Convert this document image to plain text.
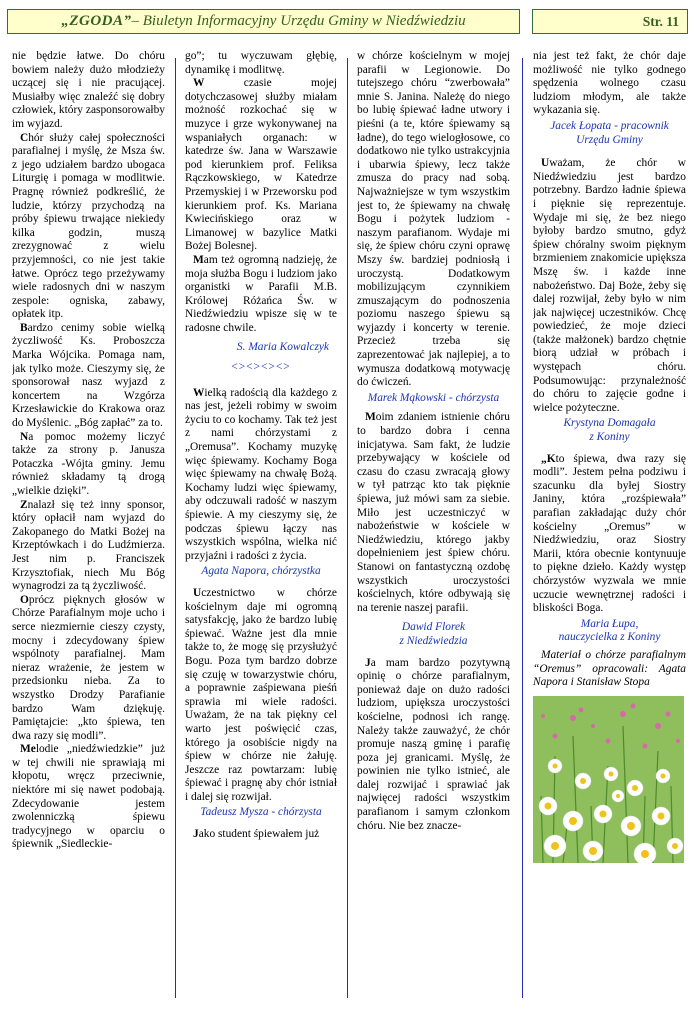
„ZGODA” – Biuletyn Informacyjny Urzędu Gminy w Niedźwiedziu	Str. 11

nie będzie łatwe. Do chóru bowiem należy dużo młodzieży uczącej się i nie pracującej. Musiałby więc znaleźć się dobry człowiek, który zasponsorowałby im wyjazd.

Chór służy całej społeczności parafialnej i myślę, że Msza św. z jego udziałem bardzo ubogaca Liturgię i pomaga w modlitwie. Pragnę również podkreślić, że ludzie, którzy przychodzą na próby śpiewu trwające niekiedy kilka godzin, muszą zrezygnować z wielu przyjemności, co nie jest takie łatwe. Oprócz tego przeżywamy wiele radosnych dni w naszym zespole: ogniska, zabawy, opłatek itp.

Bardzo cenimy sobie wielką życzliwość Ks. Proboszcza Marka Wójcika. Pomaga nam, jak tylko może. Cieszymy się, że sponsorował nasz wyjazd z koncertem na Wzgórza Krzesławickie do Krakowa oraz do Myślenic. „Bóg zapłać” za to.

Na pomoc możemy liczyć także za strony p. Janusza Potaczka -Wójta gminy. Jemu również składamy tą drogą „wielkie dzięki”.

Znalazł się też inny sponsor, który opłacił nam wyjazd do Zakopanego do Matki Bożej na Krzeptówkach i do Ludźmierza. Jest nim p. Franciszek Krzysztofiak, niech Mu Bóg wynagrodzi za tą życzliwość.

Oprócz pięknych głosów w Chórze Parafialnym moje ucho i serce niezmiernie cieszy czysty, mocny i zdecydowany śpiew wspólnoty parafialnej. Mam nieraz wrażenie, że jestem w przedsionku nieba. Za to wszystko Drodzy Parafianie bardzo Wam dziękuję. Pamiętajcie: „kto śpiewa, ten dwa razy się modli”.

Melodie „niedźwiedzkie” już w tej chwili nie sprawiają mi kłopotu, wręcz przeciwnie, niektóre mi się nawet podobają. Zdecydowanie jestem zwolenniczką śpiewu tradycyjnego w oparciu o śpiewnik „Siedleckie-

go”; tu wyczuwam głębię, dynamikę i modlitwę.

W czasie mojej dotychczasowej służby miałam możność rozkochać się w muzyce i grze wykonywanej na wspaniałych organach: w katedrze św. Jana w Warszawie pod kierunkiem prof. Feliksa Rączkowskiego, w Katedrze Przemyskiej i w Przeworsku pod kierunkiem prof. Ks. Mariana Kwiecińskiego oraz w Limanowej w bazylice Matki Bożej Bolesnej.

Mam też ogromną nadzieję, że moja służba Bogu i ludziom jako organistki w Parafii M.B. Królowej Różańca Św. w Niedźwiedziu wpisze się w te radosne chwile.

S. Maria Kowalczyk

<><><><>

Wielką radością dla każdego z nas jest, jeżeli robimy w swoim życiu to co kochamy. Tak też jest z nami chórzystami z „Oremusa”. Kochamy muzykę więc śpiewamy. Kochamy Boga więc śpiewamy na chwałę Bożą. Kochamy ludzi więc śpiewamy, aby odczuwali radość w naszym śpiewie. A my cieszymy się, że podczas śpiewu łączy nas wszystkich wspólna, wielka nić przyjaźni i radości z życia.

Agata Napora, chórzystka

Uczestnictwo w chórze kościelnym daje mi ogromną satysfakcję, jako że bardzo lubię śpiewać. Ważne jest dla mnie także to, że mogę się przysłużyć Bogu. Poza tym bardzo dobrze się czuję w towarzystwie chóru, a poprawnie zaśpiewana pieśń sprawia mi wiele radości. Uważam, że na tak piękny cel warto jest poświęcić czas, którego ja osobiście nigdy na śpiew w chórze nie żałuję. Jeszcze raz powtarzam: lubię śpiewać i pragnę aby chór istniał i dalej się rozwijał.

Tadeusz Mysza - chórzysta

Jako student śpiewałem już

w chórze kościelnym w mojej parafii w Legionowie. Do tutejszego chóru “zwerbowała” mnie S. Janina. Należę do niego bo lubię śpiewać ładne utwory i pieśni (a te, które śpiewamy są ładne), do tego wielogłosowe, co dodatkowo nie tylko ustrakcyjnia i ubarwia śpiewy, lecz także zmusza do pracy nad sobą. Najważniejsze w tym wszystkim jest to, że śpiewamy na chwałę Bogu i pożytek ludziom - naszym parafianom. Wydaje mi się, że śpiew chóru czyni oprawę Mszy św. bardziej podniosłą i uroczystą. Dodatkowym mobilizującym czynnikiem zmuszającym do podnoszenia poziomu naszego śpiewu są wyjazdy i koncerty w terenie. Przecież trzeba się zaprezentować jak najlepiej, a to wymusza dodatkową motywację do ćwiczeń.

Marek Mąkowski - chórzysta

Moim zdaniem istnienie chóru to bardzo dobra i cenna inicjatywa. Sam fakt, że ludzie przebywający w kościele od czasu do czasu zwracają głowy w tył patrząc kto tak pięknie śpiewa, już mówi sam za siebie. Miło jest uczestniczyć w nabożeństwie w kościele w Niedźwiedziu, którego jakby dopełnieniem jest śpiew chóru. Stanowi on fantastyczną ozdobę wszystkich uroczystości kościelnych, które odbywają się na terenie naszej parafii.

Dawid Florek
z Niedźwiedzia

Ja mam bardzo pozytywną opinię o chórze parafialnym, ponieważ daje on dużo radości ludziom, upiększa uroczystości kościelne, podnosi ich rangę. Należy także zauważyć, że chór promuje naszą gminę i parafię poza jej granicami. Myślę, że powinien nie tylko istnieć, ale dalej rozwijać i sprawiać jak najwięcej radości wszystkim parafianom i samym członkom chóru. Nie bez znacze-

nia jest też fakt, że chór daje możliwość nie tylko godnego spędzenia wolnego czasu ludziom młodym, ale także wykazania się.

Jacek Łopata - pracownik
Urzędu Gminy

Uważam, że chór w Niedźwiedziu jest bardzo potrzebny. Bardzo ładnie śpiewa i pięknie się reprezentuje. Wydaje mi się, że bez niego byłoby bardzo smutno, gdyż śpiew chóralny swoim pięknym brzmieniem znakomicie upiększa Mszę św. i każde inne nabożeństwo. Daj Boże, żeby się dalej rozwijał, żeby było w nim jak najwięcej uczestników. Chcę powiedzieć, że moje dzieci (także małżonek) bardzo chętnie biorą udział w próbach i występach chóru. Podsumowując: przynależność do chóru to zajęcie godne i wielce pożyteczne.

Krystyna Domagała
z Koniny

„Kto śpiewa, dwa razy się modli”. Jestem pełna podziwu i szacunku dla byłej Siostry Janiny, która „rozśpiewała” parafian zakładając duży chór kościelny „Oremus” w Niedźwiedziu, oraz Siostry Marii, która obecnie kontynuuje to piękne dzieło. Każdy występ chórzystów wyzwala we mnie uczucie wewnętrznej radości i bliskości Boga.

Maria Łupa,
nauczycielka z Koniny

Materiał o chórze parafialnym “Oremus” opracowali: Agata Napora i Stanisław Stopa
